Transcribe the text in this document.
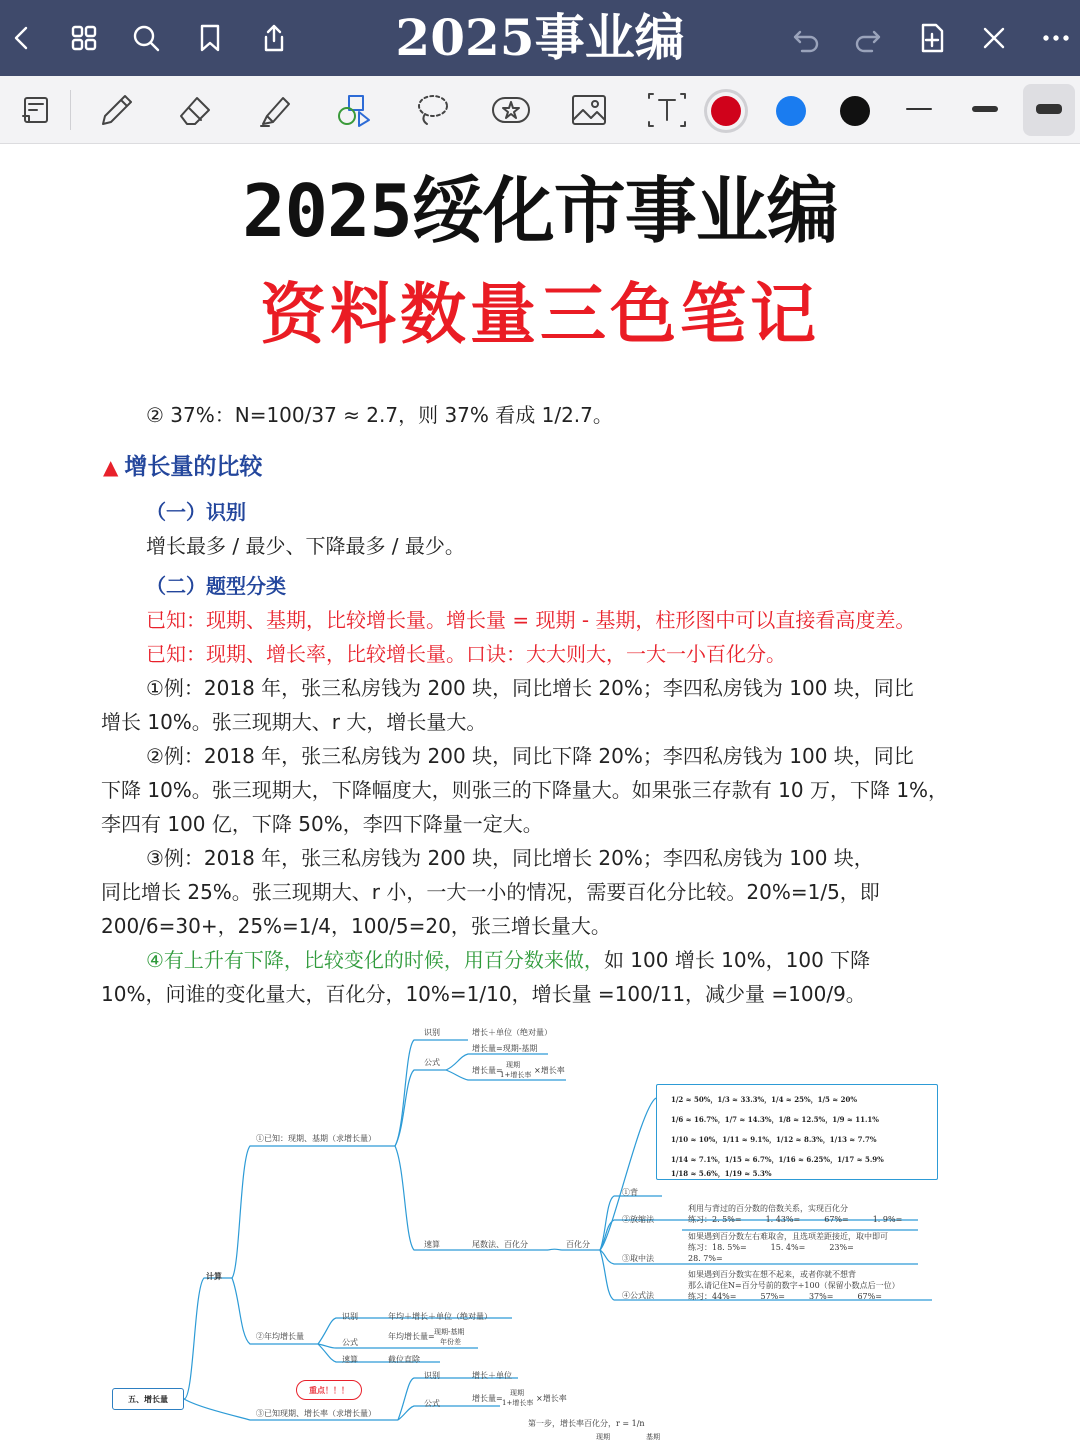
2025事业编
2025绥化市事业编
资料数量三色笔记
② 37%：N=100/37 ≈ 2.7，则 37% 看成 1/2.7。
▲ 增长量的比较
（一）识别
增长最多 / 最少、下降最多 / 最少。
（二）题型分类
已知：现期、基期，比较增长量。增长量 = 现期 - 基期，柱形图中可以直接看高度差。
已知：现期、增长率，比较增长量。口诀：大大则大，一大一小百化分。
①例：2018 年，张三私房钱为 200 块，同比增长 20%；李四私房钱为 100 块，同比
增长 10%。张三现期大、r 大，增长量大。
②例：2018 年，张三私房钱为 200 块，同比下降 20%；李四私房钱为 100 块，同比
下降 10%。张三现期大，下降幅度大，则张三的下降量大。如果张三存款有 10 万，下降 1%，
李四有 100 亿，下降 50%，李四下降量一定大。
③例：2018 年，张三私房钱为 200 块，同比增长 20%；李四私房钱为 100 块，
同比增长 25%。张三现期大、r 小，一大一小的情况，需要百化分比较。20%=1/5，即
200/6=30+，25%=1/4，100/5=20，张三增长量大。
④有上升有下降，比较变化的时候，用百分数来做，如 100 增长 10%，100 下降
10%，问谁的变化量大，百化分，10%=1/10，增长量 =100/11，减少量 =100/9。
五、增长量
计算
①已知：现期、基期（求增长量）
识别	增长＋单位（绝对量）
公式
增长量=现期-基期
增长量=
现期
1+增长率 ×增长率
速算	尾数法、百化分	百化分
1/2 ≈ 50%，1/3 ≈ 33.3%，1/4 ≈ 25%，1/5 ≈ 20%
1/6 ≈ 16.7%，1/7 ≈ 14.3%，1/8 ≈ 12.5%，1/9 ≈ 11.1%
1/10 ≈ 10%，1/11 ≈ 9.1%，1/12 ≈ 8.3%，1/13 ≈ 7.7%
1/14 ≈ 7.1%，1/15 ≈ 6.7%，1/16 ≈ 6.25%，1/17 ≈ 5.9%
1/18 ≈ 5.6%，1/19 ≈ 5.3%
①背
②放缩法
利用与背过的百分数的倍数关系，实现百化分
练习：2. 5%=　　　1. 43%=　　　67%=　　　1. 9%=
③取中法
如果遇到百分数左右难取舍，且选项差距接近，取中即可
练习：18. 5%=　　　15. 4%=　　　23%=
28. 7%=
④公式法
如果遇到百分数实在想不起来，或者你就不想背
那么请记住N=百分号前的数字÷100（保留小数点后一位）
练习：44%=　　　57%=　　　37%=　　　67%=
②年均增长量
识别	年均＋增长＋单位（绝对量）
公式
年均增长量= 现期-基期
年份差
速算	截位直除
重点！！！
③已知现期、增长率（求增长量）
识别	增长＋单位
公式
增长量=
现期
1+增长率 ×增长率
第一步，增长率百化分，r = 1/n
现期	基期
